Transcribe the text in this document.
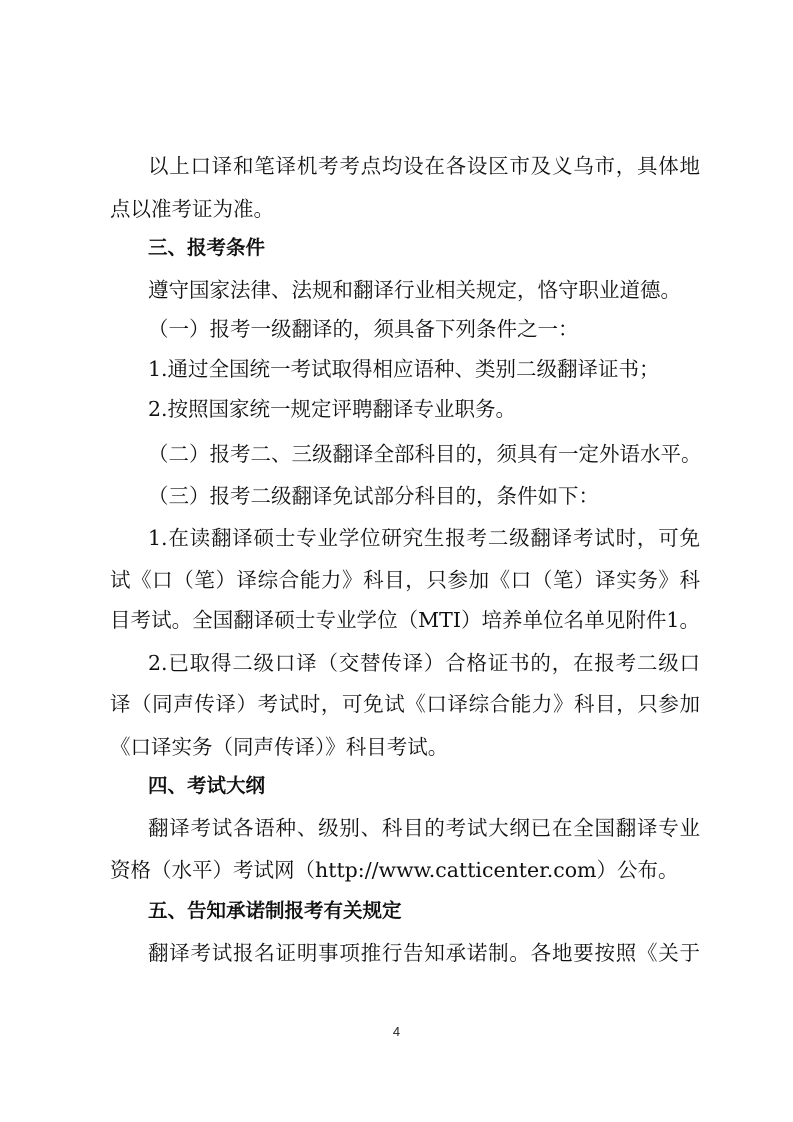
以上口译和笔译机考考点均设在各设区市及义乌市，具体地
点以准考证为准。
三、报考条件
遵守国家法律、法规和翻译行业相关规定，恪守职业道德。
（一）报考一级翻译的，须具备下列条件之一：
1.通过全国统一考试取得相应语种、类别二级翻译证书；
2.按照国家统一规定评聘翻译专业职务。
（二）报考二、三级翻译全部科目的，须具有一定外语水平。
（三）报考二级翻译免试部分科目的，条件如下：
1.在读翻译硕士专业学位研究生报考二级翻译考试时，可免
试《口（笔）译综合能力》科目，只参加《口（笔）译实务》科
目考试。全国翻译硕士专业学位（MTI）培养单位名单见附件1。
2.已取得二级口译（交替传译）合格证书的，在报考二级口
译（同声传译）考试时，可免试《口译综合能力》科目，只参加
《口译实务（同声传译）》科目考试。
四、考试大纲
翻译考试各语种、级别、科目的考试大纲已在全国翻译专业
资格（水平）考试网（http://www.catticenter.com）公布。
五、告知承诺制报考有关规定
翻译考试报名证明事项推行告知承诺制。各地要按照《关于
4
